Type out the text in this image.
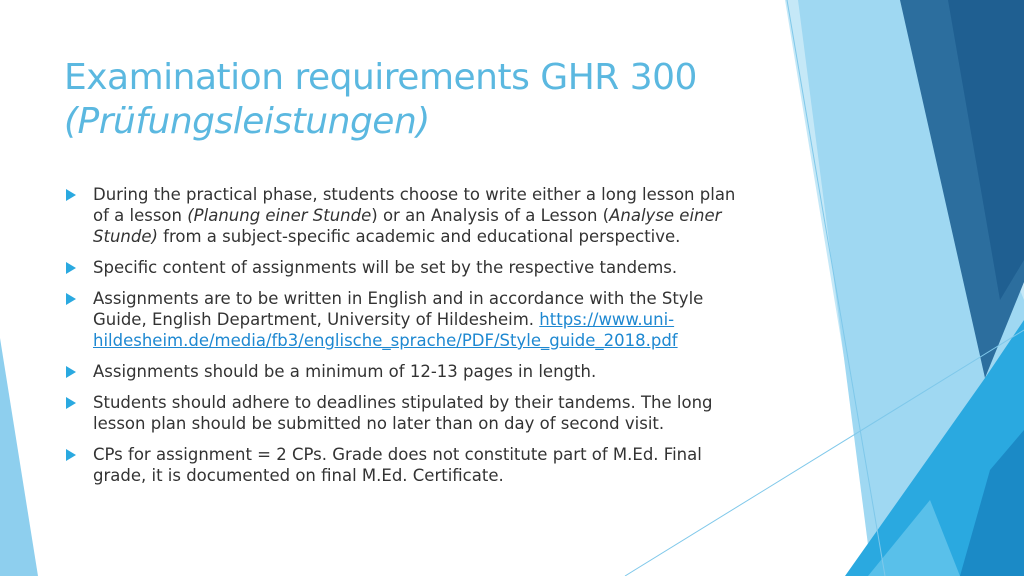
Examination requirements GHR 300
(Prüfungsleistungen)
During the practical phase, students choose to write either a long lesson plan of a lesson (Planung einer Stunde) or an Analysis of a Lesson (Analyse einer Stunde) from a subject-specific academic and educational perspective.
Specific content of assignments will be set by the respective tandems.
Assignments are to be written in English and in accordance with the Style Guide, English Department, University of Hildesheim. https://www.uni-hildesheim.de/media/fb3/englische_sprache/PDF/Style_guide_2018.pdf
Assignments should be a minimum of 12-13 pages in length.
Students should adhere to deadlines stipulated by their tandems. The long lesson plan should be submitted no later than on day of second visit.
CPs for assignment = 2 CPs. Grade does not constitute part of M.Ed. Final grade, it is documented on final M.Ed. Certificate.
